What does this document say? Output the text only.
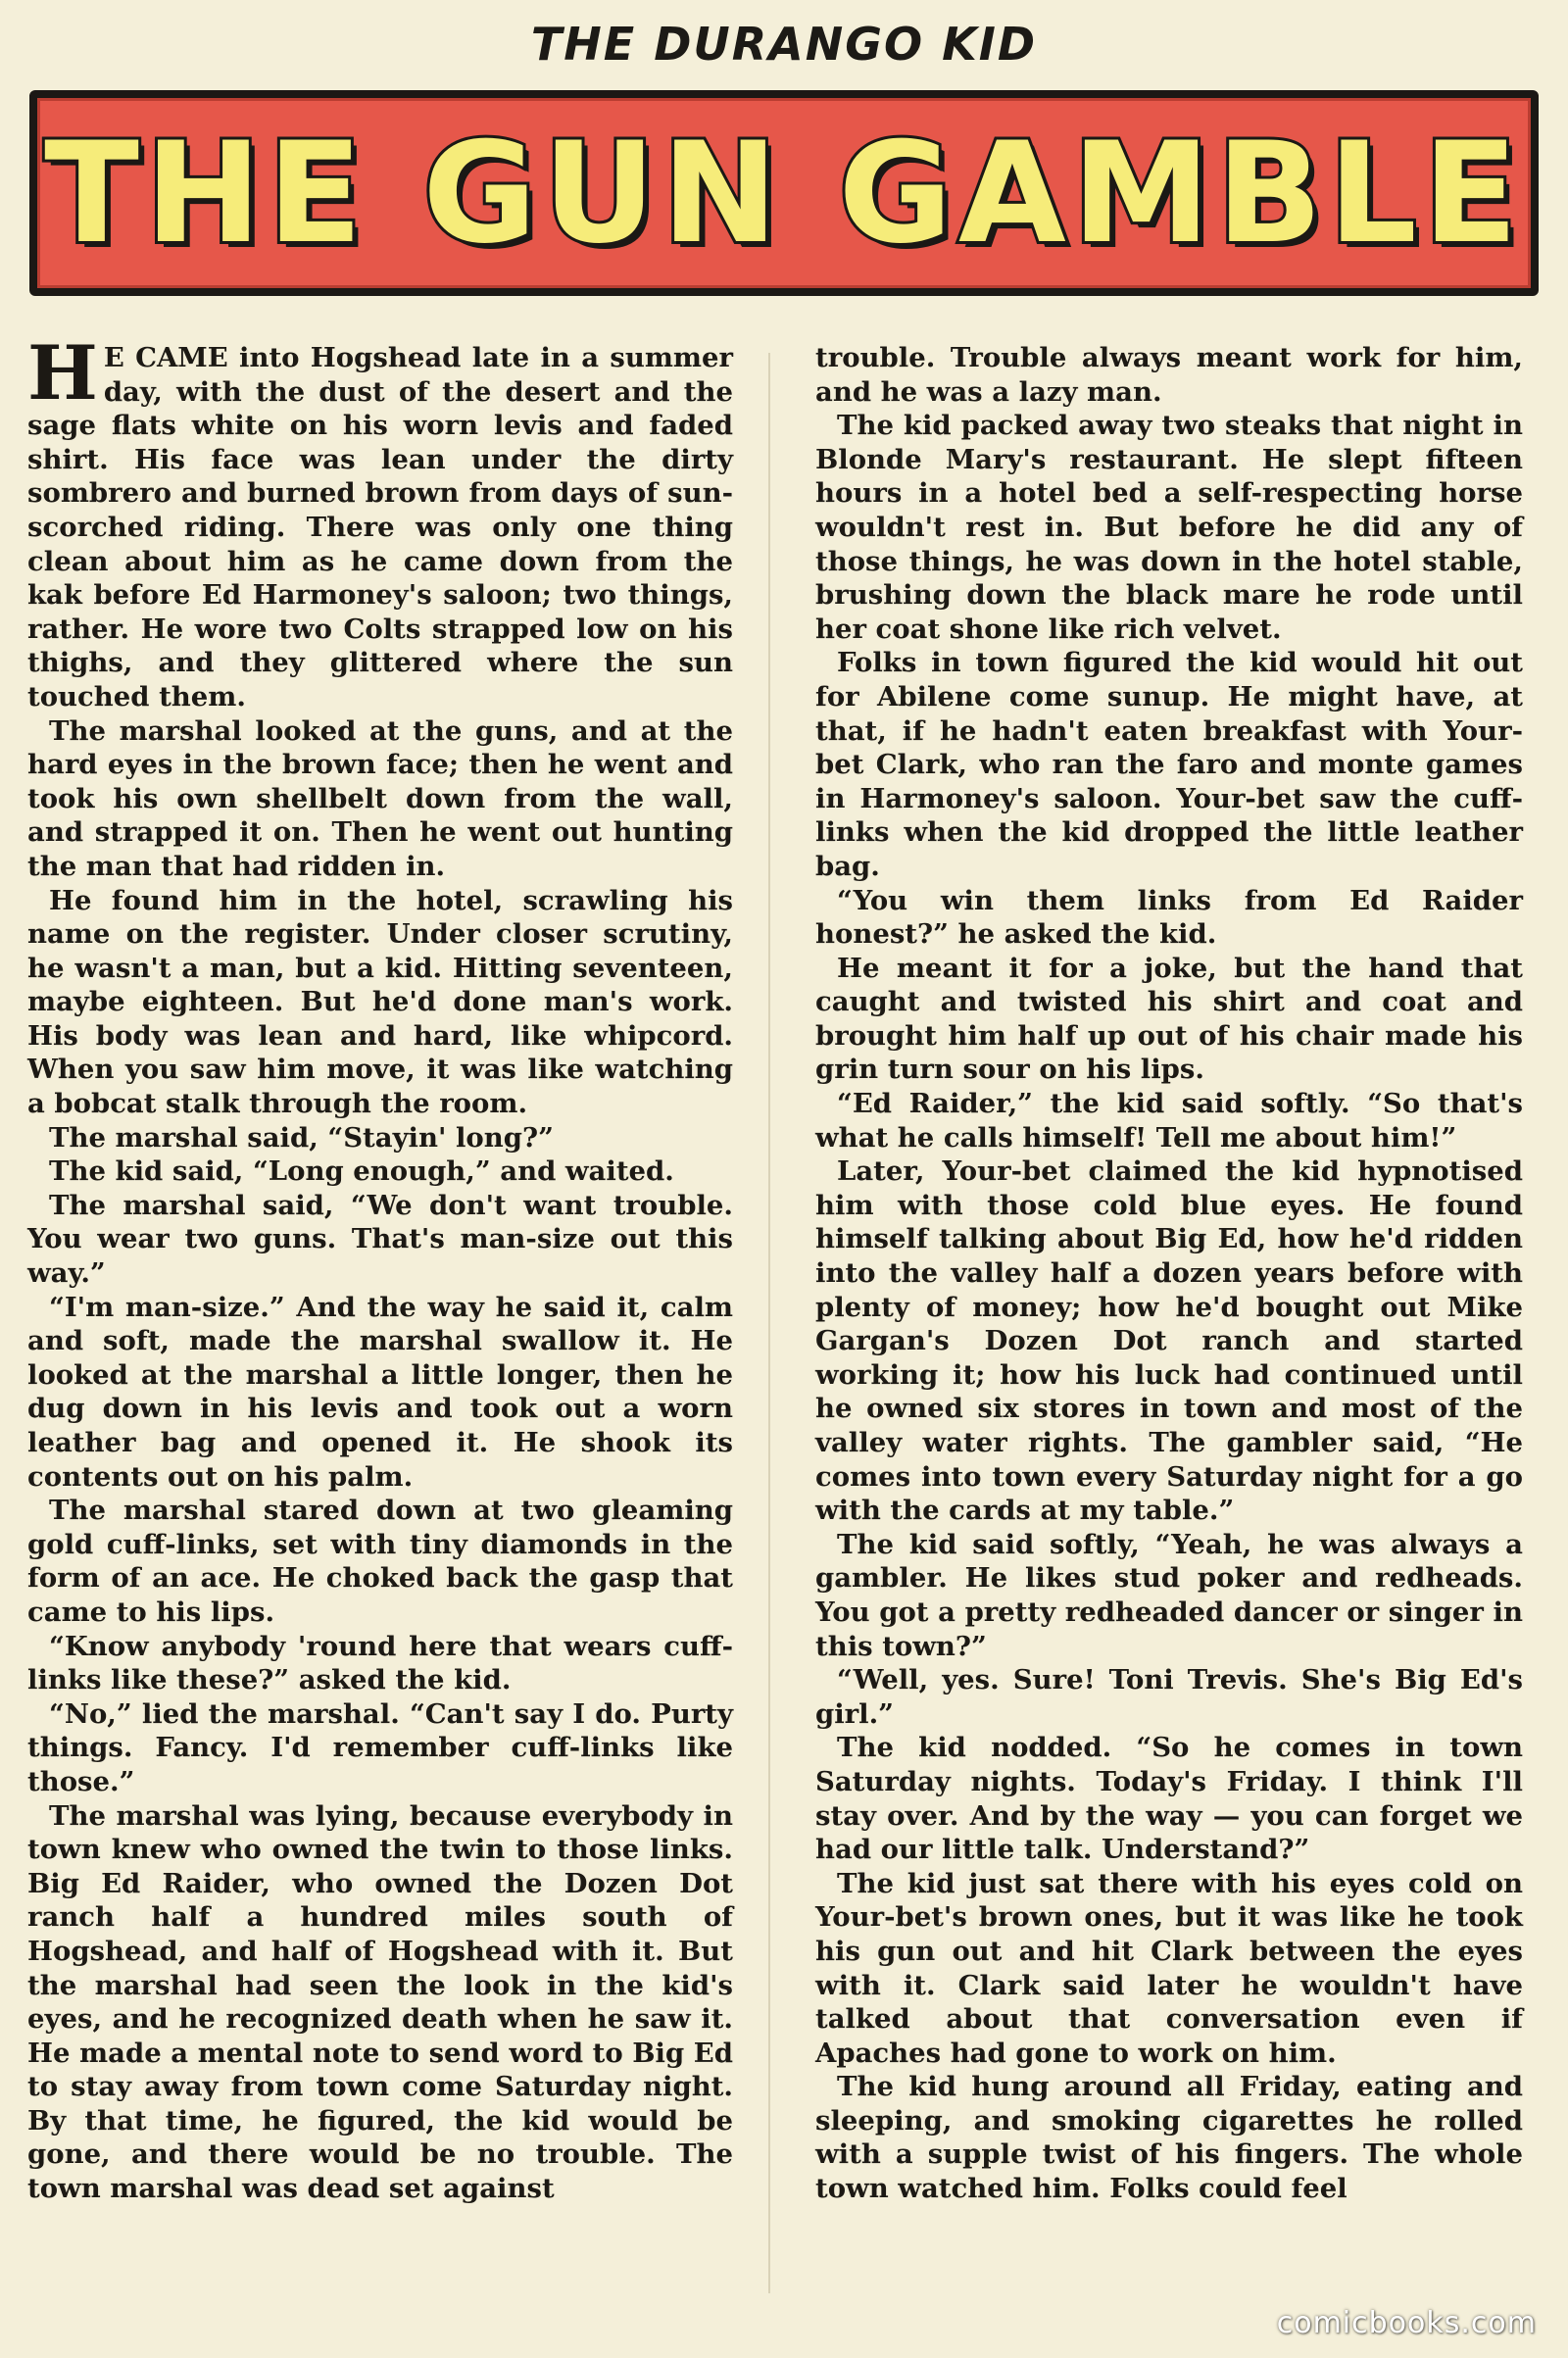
THE DURANGO KID
THE GUN GAMBLE

H E CAME into Hogshead late in a summer day, with the dust of the desert and the sage flats white on his worn levis and faded shirt. His face was lean under the dirty sombrero and burned brown from days of sun-scorched riding. There was only one thing clean about him as he came down from the kak before Ed Harmoney's saloon; two things, rather. He wore two Colts strapped low on his thighs, and they glittered where the sun touched them.

The marshal looked at the guns, and at the hard eyes in the brown face; then he went and took his own shellbelt down from the wall, and strapped it on. Then he went out hunting the man that had ridden in.

He found him in the hotel, scrawling his name on the register. Under closer scrutiny, he wasn't a man, but a kid. Hitting seventeen, maybe eighteen. But he'd done man's work. His body was lean and hard, like whipcord. When you saw him move, it was like watching a bobcat stalk through the room.

The marshal said, “Stayin' long?”

The kid said, “Long enough,” and waited.

The marshal said, “We don't want trouble. You wear two guns. That's man-size out this way.”

“I'm man-size.” And the way he said it, calm and soft, made the marshal swallow it. He looked at the marshal a little longer, then he dug down in his levis and took out a worn leather bag and opened it. He shook its contents out on his palm.

The marshal stared down at two gleaming gold cuff-links, set with tiny diamonds in the form of an ace. He choked back the gasp that came to his lips.

“Know anybody 'round here that wears cuff-links like these?” asked the kid.

“No,” lied the marshal. “Can't say I do. Purty things. Fancy. I'd remember cuff-links like those.”

The marshal was lying, because everybody in town knew who owned the twin to those links. Big Ed Raider, who owned the Dozen Dot ranch half a hundred miles south of Hogshead, and half of Hogshead with it. But the marshal had seen the look in the kid's eyes, and he recognized death when he saw it. He made a mental note to send word to Big Ed to stay away from town come Saturday night. By that time, he figured, the kid would be gone, and there would be no trouble. The town marshal was dead set against

trouble. Trouble always meant work for him, and he was a lazy man.

The kid packed away two steaks that night in Blonde Mary's restaurant. He slept fifteen hours in a hotel bed a self-respecting horse wouldn't rest in. But before he did any of those things, he was down in the hotel stable, brushing down the black mare he rode until her coat shone like rich velvet.

Folks in town figured the kid would hit out for Abilene come sunup. He might have, at that, if he hadn't eaten breakfast with Your-bet Clark, who ran the faro and monte games in Harmoney's saloon. Your-bet saw the cuff-links when the kid dropped the little leather bag.

“You win them links from Ed Raider honest?” he asked the kid.

He meant it for a joke, but the hand that caught and twisted his shirt and coat and brought him half up out of his chair made his grin turn sour on his lips.

“Ed Raider,” the kid said softly. “So that's what he calls himself! Tell me about him!”

Later, Your-bet claimed the kid hypnotised him with those cold blue eyes. He found himself talking about Big Ed, how he'd ridden into the valley half a dozen years before with plenty of money; how he'd bought out Mike Gargan's Dozen Dot ranch and started working it; how his luck had continued until he owned six stores in town and most of the valley water rights. The gambler said, “He comes into town every Saturday night for a go with the cards at my table.”

The kid said softly, “Yeah, he was always a gambler. He likes stud poker and redheads. You got a pretty redheaded dancer or singer in this town?”

“Well, yes. Sure! Toni Trevis. She's Big Ed's girl.”

The kid nodded. “So he comes in town Saturday nights. Today's Friday. I think I'll stay over. And by the way — you can forget we had our little talk. Understand?”

The kid just sat there with his eyes cold on Your-bet's brown ones, but it was like he took his gun out and hit Clark between the eyes with it. Clark said later he wouldn't have talked about that conversation even if Apaches had gone to work on him.

The kid hung around all Friday, eating and sleeping, and smoking cigarettes he rolled with a supple twist of his fingers. The whole town watched him. Folks could feel

comicbooks.com
